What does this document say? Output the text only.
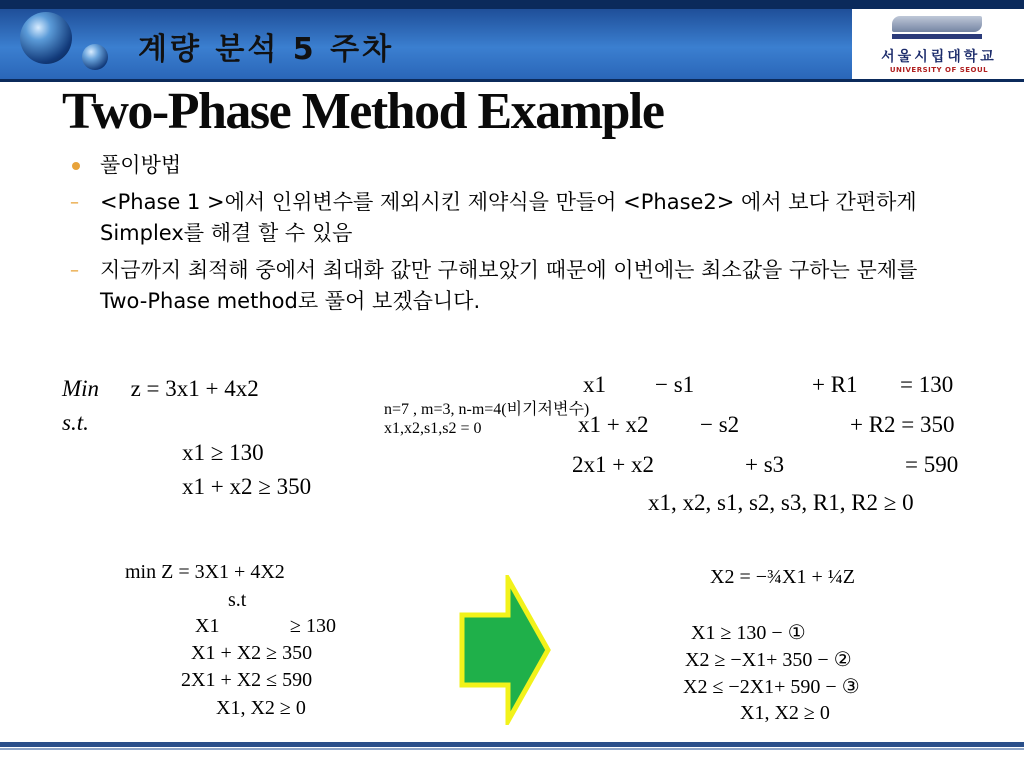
계량 분석 5 주차	서울시립대학교
UNIVERSITY OF SEOUL
Two-Phase Method Example
풀이방법
– <Phase 1 >에서 인위변수를 제외시킨 제약식을 만들어 <Phase2> 에서 보다 간편하게 Simplex를 해결 할 수 있음
– 지금까지 최적해 중에서 최대화 값만 구해보았기 때문에 이번에는 최소값을 구하는 문제를 Two-Phase method로 풀어 보겠습니다.
Min z = 3x1 + 4x2
s.t.
x1 ≥ 130
x1 + x2 ≥ 350
n=7 , m=3, n-m=4(비기저변수)
x1,x2,s1,s2 = 0
x1 − s1	+ R1 = 130
x1 + x2 − s2	+ R2 = 350
2x1 + x2	+ s3	= 590
x1, x2, s1, s2, s3, R1, R2 ≥ 0
min Z = 3X1 + 4X2
s.t
X1	≥ 130
X1 + X2 ≥ 350
2X1 + X2 ≤ 590
X1, X2 ≥ 0
X2 = −¾X1 + ¼Z
X1 ≥ 130 − ①
X2 ≥ −X1+ 350 − ②
X2 ≤ −2X1+ 590 − ③
X1, X2 ≥ 0
